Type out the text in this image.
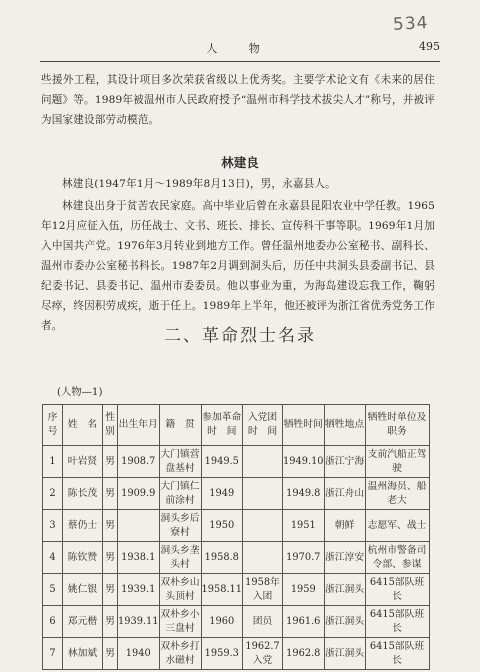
534
人 物	495
些援外工程，其设计项目多次荣获省级以上优秀奖。主要学术论文有《未来的居住问题》等。1989年被温州市人民政府授予“温州市科学技术拔尖人才”称号，并被评为国家建设部劳动模范。
林建良
林建良(1947年1月～1989年8月13日)，男，永嘉县人。
林建良出身于贫苦农民家庭。高中毕业后曾在永嘉县昆阳农业中学任教。1965年12月应征入伍，历任战士、文书、班长、排长、宣传科干事等职。1969年1月加入中国共产党。1976年3月转业到地方工作。曾任温州地委办公室秘书、副科长、温州市委办公室秘书科长。1987年2月调到洞头后，历任中共洞头县委副书记、县纪委书记、县委书记、温州市委委员。他以事业为重，为海岛建设忘我工作，鞠躬尽瘁，终因积劳成疾，逝于任上。1989年上半年，他还被评为浙江省优秀党务工作者。	二、革命烈士名录
(人物—1)
序号	姓　名	性别	出生年月	籍　贯	参加革命时　间	入党团时　间	牺牲时间	牺牲地点	牺牲时单位及职务
1	叶岩贤	男	1908.7	大门镇营盘基村	1949.5		1949.10	浙江宁海	支前汽船正驾驶
2	陈长茂	男	1909.9	大门镇仁前涂村	1949		1949.8	浙江舟山	温州海员、船老大
3	蔡仍士	男		洞头乡后寮村	1950		1951	朝鲜	志愿军、战士
4	陈钦赞	男	1938.1	洞头乡垄头村	1958.8		1970.7	浙江淳安	杭州市警备司令部、参谋
5	姚仁银	男	1939.1	双朴乡山头顶村	1958.11	1958年入团	1959	浙江洞头	6415部队班长
6	郑元楷	男	1939.11	双朴乡小三盘村	1960	团员	1961.6	浙江洞头	6415部队班长
7	林加斌	男	1940	双朴乡打水磁村	1959.3	1962.7入党	1962.8	浙江洞头	6415部队班长
